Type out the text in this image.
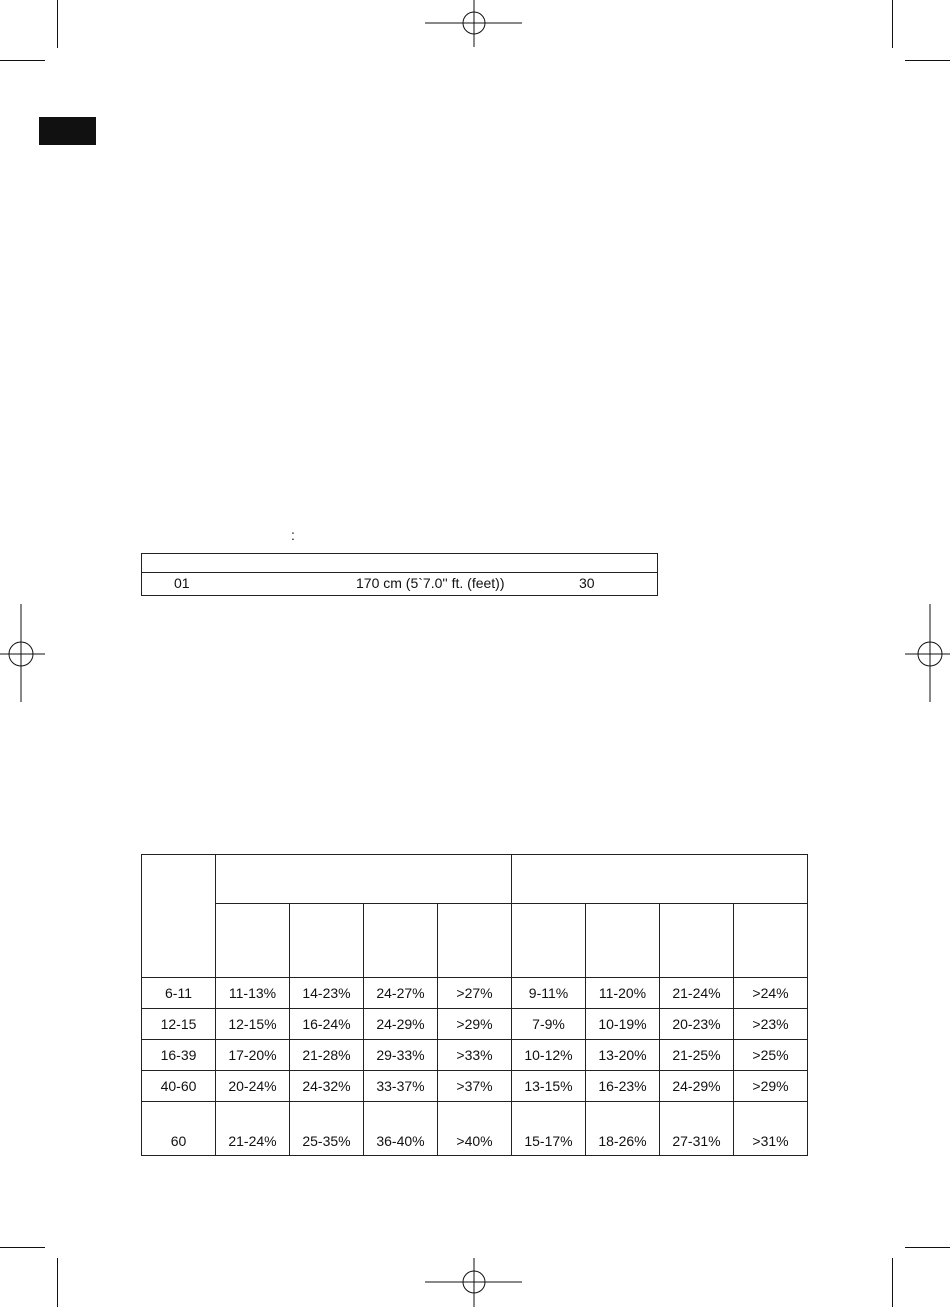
:

01	170 cm (5`7.0'' ft. (feet))	30

6-11	11-13%	14-23%	24-27%	>27%	9-11%	11-20%	21-24%	>24%
12-15	12-15%	16-24%	24-29%	>29%	7-9%	10-19%	20-23%	>23%
16-39	17-20%	21-28%	29-33%	>33%	10-12%	13-20%	21-25%	>25%
40-60	20-24%	24-32%	33-37%	>37%	13-15%	16-23%	24-29%	>29%
60	21-24%	25-35%	36-40%	>40%	15-17%	18-26%	27-31%	>31%
